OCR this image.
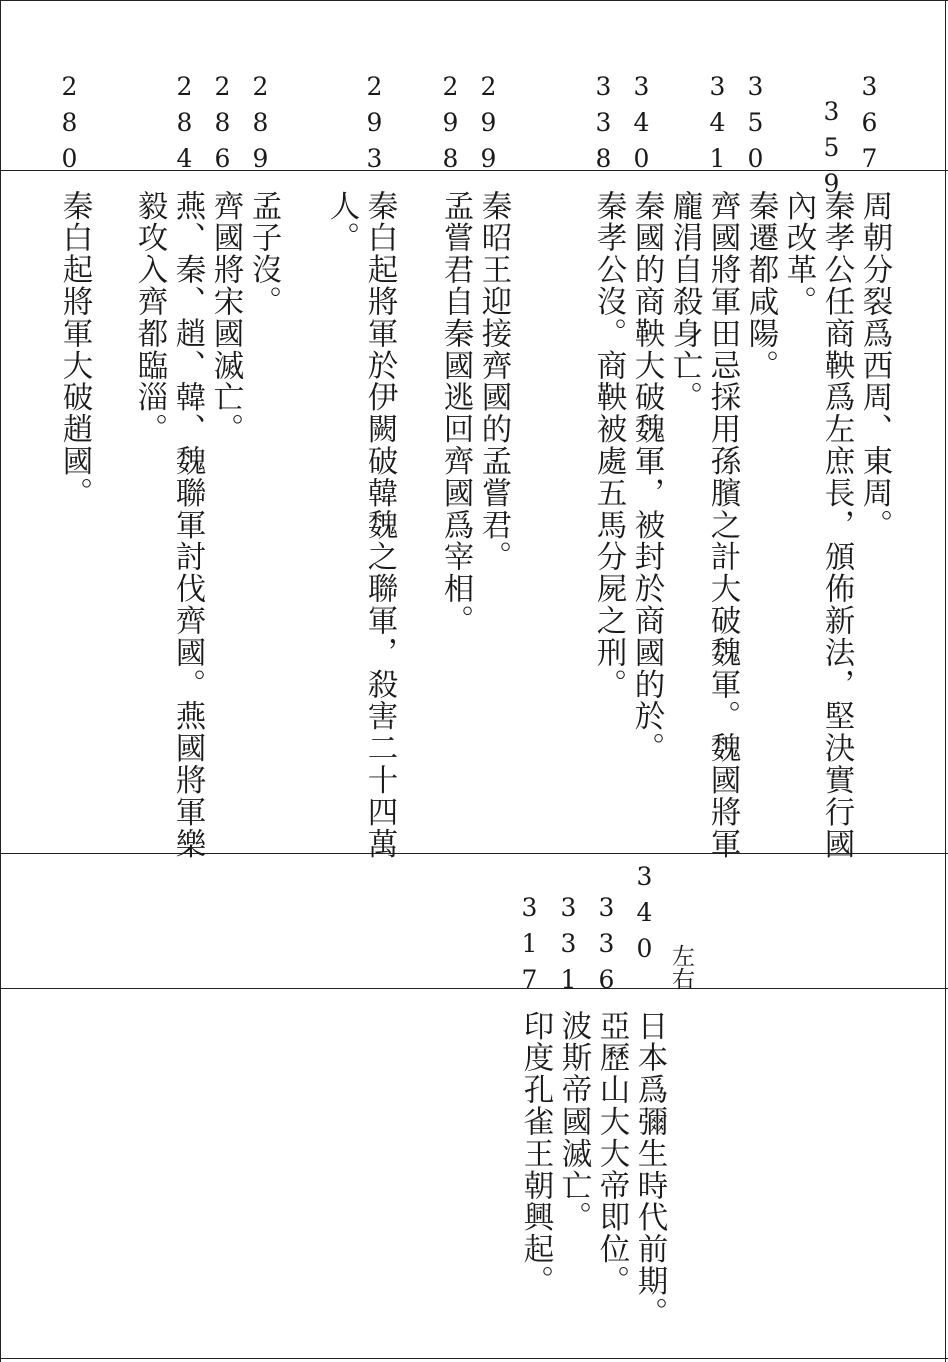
367
359
350
341
340
338
299
298
293
289
286
284
280
周朝分裂爲西周、東周。
秦孝公任商鞅爲左庶長，頒佈新法，堅決實行國
內改革。
秦遷都咸陽。
齊國將軍田忌採用孫臏之計大破魏軍。魏國將軍
龐涓自殺身亡。
秦國的商鞅大破魏軍，被封於商國的於。
秦孝公沒。商鞅被處五馬分屍之刑。
秦昭王迎接齊國的孟嘗君。
孟嘗君自秦國逃回齊國爲宰相。
秦白起將軍於伊闕破韓魏之聯軍，殺害二十四萬
人。
孟子沒。
齊國將宋國滅亡。
燕、秦、趙、韓、魏聯軍討伐齊國。燕國將軍樂
毅攻入齊都臨淄。
秦白起將軍大破趙國。
340 左右
336
331
317
日本爲彌生時代前期。
亞歷山大大帝即位。
波斯帝國滅亡。
印度孔雀王朝興起。
